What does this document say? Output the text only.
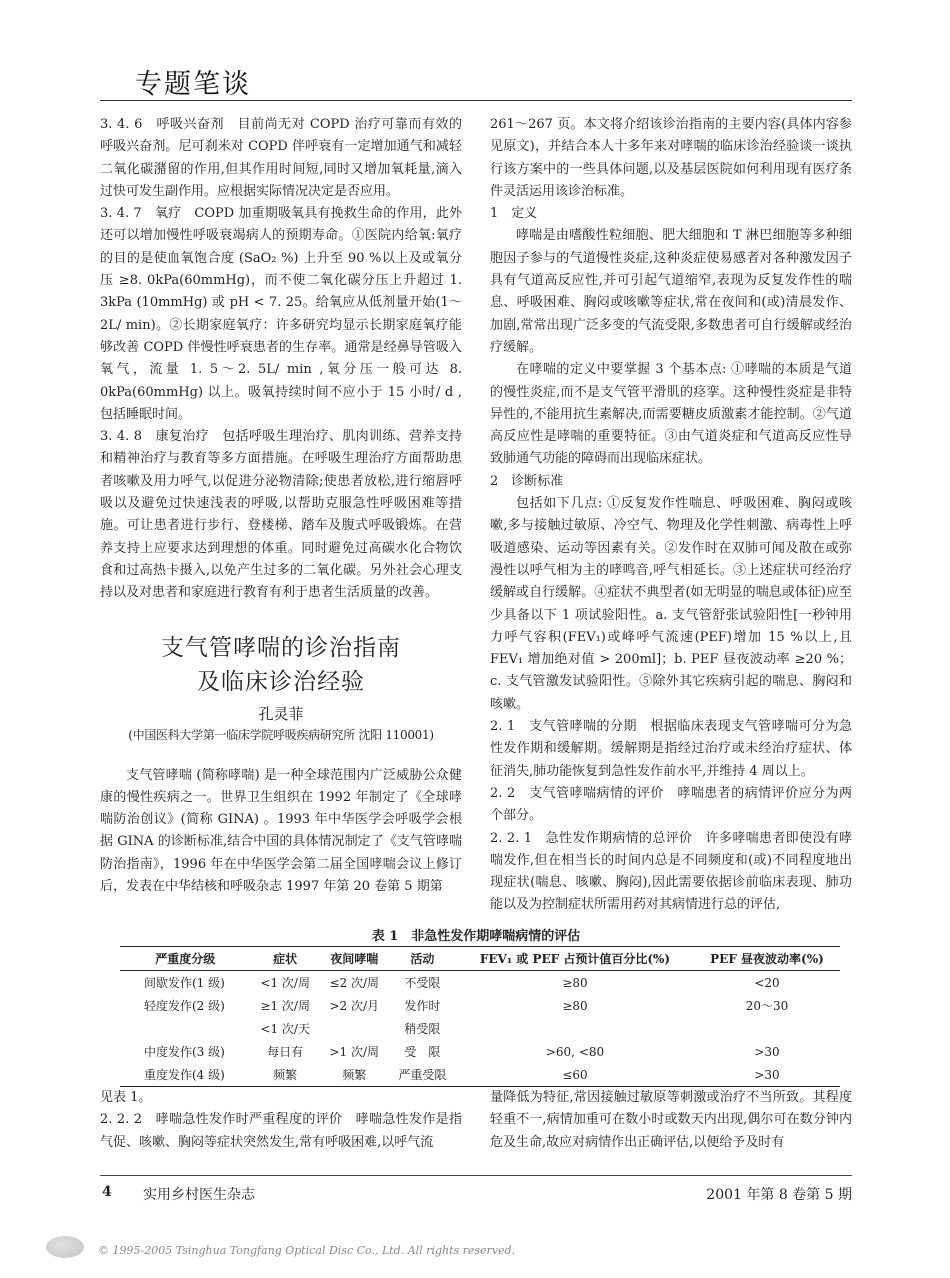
专题笔谈

3. 4. 6　呼吸兴奋剂　目前尚无对 COPD 治疗可靠而有效的呼吸兴奋剂。尼可刹米对 COPD 伴呼衰有一定增加通气和减轻二氧化碳潴留的作用,但其作用时间短,同时又增加氧耗量,滴入过快可发生副作用。应根据实际情况决定是否应用。

3. 4. 7　氧疗　COPD 加重期吸氧具有挽救生命的作用，此外还可以增加慢性呼吸衰竭病人的预期寿命。①医院内给氧:氧疗的目的是使血氧饱合度 (SaO₂ %) 上升至 90 %以上及或氧分压 ≥8. 0kPa(60mmHg)，而不使二氧化碳分压上升超过 1. 3kPa (10mmHg) 或 pH < 7. 25。给氧应从低剂量开始(1～2L/ min)。②长期家庭氧疗：许多研究均显示长期家庭氧疗能够改善 COPD 伴慢性呼衰患者的生存率。通常是经鼻导管吸入氧气，流量 1. 5～2. 5L/ min ,氧分压一般可达 8. 0kPa(60mmHg) 以上。吸氧持续时间不应小于 15 小时/ d ,包括睡眠时间。

3. 4. 8　康复治疗　包括呼吸生理治疗、肌肉训练、营养支持和精神治疗与教育等多方面措施。在呼吸生理治疗方面帮助患者咳嗽及用力呼气,以促进分泌物清除;使患者放松,进行缩唇呼吸以及避免过快速浅表的呼吸,以帮助克服急性呼吸困难等措施。可让患者进行步行、登楼梯、踏车及腹式呼吸锻炼。在营养支持上应要求达到理想的体重。同时避免过高碳水化合物饮食和过高热卡摄入,以免产生过多的二氧化碳。另外社会心理支持以及对患者和家庭进行教育有利于患者生活质量的改善。

支气管哮喘的诊治指南
及临床诊治经验
孔灵菲
(中国医科大学第一临床学院呼吸疾病研究所 沈阳 110001)

支气管哮喘 (简称哮喘) 是一种全球范围内广泛威胁公众健康的慢性疾病之一。世界卫生组织在 1992 年制定了《全球哮喘防治创议》(简称 GINA) 。1993 年中华医学会呼吸学会根据 GINA 的诊断标准,结合中国的具体情况制定了《支气管哮喘防治指南》，1996 年在中华医学会第二届全国哮喘会议上修订后，发表在中华结核和呼吸杂志 1997 年第 20 卷第 5 期第

261～267 页。本文将介绍该诊治指南的主要内容(具体内容参见原文)，并结合本人十多年来对哮喘的临床诊治经验谈一谈执行该方案中的一些具体问题,以及基层医院如何利用现有医疗条件灵活运用该诊治标准。

1　定义

哮喘是由嗜酸性粒细胞、肥大细胞和 T 淋巴细胞等多种细胞因子参与的气道慢性炎症,这种炎症使易感者对各种激发因子具有气道高反应性,并可引起气道缩窄,表现为反复发作性的喘息、呼吸困难、胸闷或咳嗽等症状,常在夜间和(或)清晨发作、加剧,常常出现广泛多变的气流受限,多数患者可自行缓解或经治疗缓解。

在哮喘的定义中要掌握 3 个基本点: ①哮喘的本质是气道的慢性炎症,而不是支气管平滑肌的痉挛。这种慢性炎症是非特异性的,不能用抗生素解决,而需要糖皮质激素才能控制。②气道高反应性是哮喘的重要特征。③由气道炎症和气道高反应性导致肺通气功能的障碍而出现临床症状。

2　诊断标准

包括如下几点: ①反复发作性喘息、呼吸困难、胸闷或咳嗽,多与接触过敏原、冷空气、物理及化学性刺激、病毒性上呼吸道感染、运动等因素有关。②发作时在双肺可闻及散在或弥漫性以呼气相为主的哮鸣音,呼气相延长。③上述症状可经治疗缓解或自行缓解。④症状不典型者(如无明显的喘息或体征)应至少具备以下 1 项试验阳性。a. 支气管舒张试验阳性[一秒钟用力呼气容积(FEV₁)或峰呼气流速(PEF)增加 15 %以上,且 FEV₁ 增加绝对值 > 200ml]；b. PEF 昼夜波动率 ≥20 %；c. 支气管激发试验阳性。⑤除外其它疾病引起的喘息、胸闷和咳嗽。

2. 1　支气管哮喘的分期　根据临床表现支气管哮喘可分为急性发作期和缓解期。缓解期是指经过治疗或未经治疗症状、体征消失,肺功能恢复到急性发作前水平,并维持 4 周以上。

2. 2　支气管哮喘病情的评价　哮喘患者的病情评价应分为两个部分。

2. 2. 1　急性发作期病情的总评价　许多哮喘患者即使没有哮喘发作,但在相当长的时间内总是不同频度和(或)不同程度地出现症状(喘息、咳嗽、胸闷),因此需要依据诊前临床表现、肺功能以及为控制症状所需用药对其病情进行总的评估,

表 1　非急性发作期哮喘病情的评估
严重度分级	症状	夜间哮喘	活动	FEV₁ 或 PEF 占预计值百分比(%)	PEF 昼夜波动率(%)
间歇发作(1 级)	<1 次/周	≤2 次/周	不受限	≥80	<20
轻度发作(2 级)	≥1 次/周	>2 次/月	发作时	≥80	20～30
	<1 次/天		稍受限		
中度发作(3 级)	每日有	>1 次/周	受　限	>60, <80	>30
重度发作(4 级)	频繁	频繁	严重受限	≤60	>30

见表 1。

2. 2. 2　哮喘急性发作时严重程度的评价　哮喘急性发作是指气促、咳嗽、胸闷等症状突然发生,常有呼吸困难,以呼气流

量降低为特征,常因接触过敏原等刺激或治疗不当所致。其程度轻重不一,病情加重可在数小时或数天内出现,偶尔可在数分钟内危及生命,故应对病情作出正确评估,以便给予及时有

4 实用乡村医生杂志	2001 年第 8 卷第 5 期
© 1995-2005 Tsinghua Tongfang Optical Disc Co., Ltd. All rights reserved.
